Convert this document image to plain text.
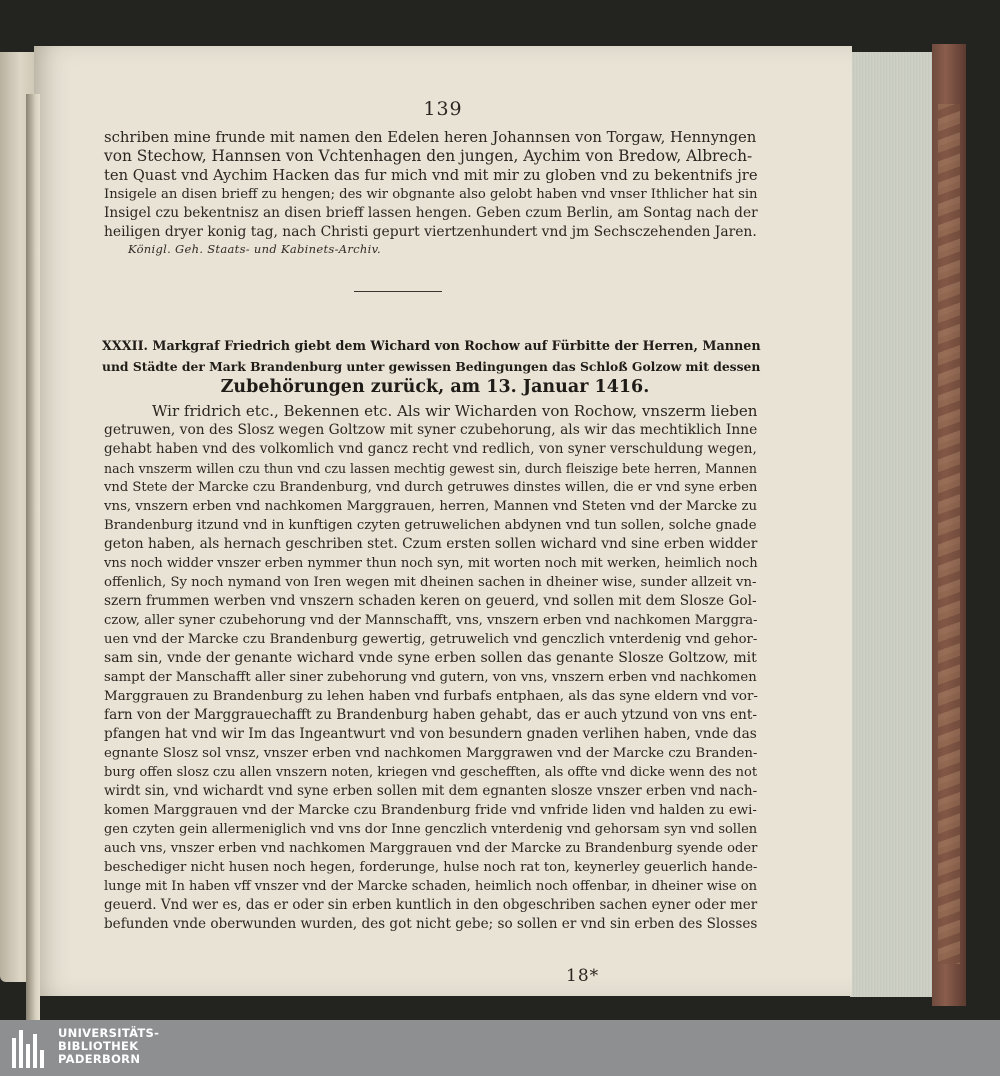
139
schriben mine frunde mit namen den Edelen heren Johannsen von Torgaw, Hennyngen
von Stechow, Hannsen von Vchtenhagen den jungen, Aychim von Bredow, Albrech-
ten Quast vnd Aychim Hacken das fur mich vnd mit mir zu globen vnd zu bekentnifs jre
Insigele an disen brieff zu hengen; des wir obgnante also gelobt haben vnd vnser Ithlicher hat sin
Insigel czu bekentnisz an disen brieff lassen hengen. Geben czum Berlin, am Sontag nach der
heiligen dryer konig tag, nach Christi gepurt viertzenhundert vnd jm Sechsczehenden Jaren.
Königl. Geh. Staats- und Kabinets-Archiv.
XXXII. Markgraf Friedrich giebt dem Wichard von Rochow auf Fürbitte der Herren, Mannen
und Städte der Mark Brandenburg unter gewissen Bedingungen das Schloß Golzow mit dessen
Zubehörungen zurück, am 13. Januar 1416.
Wir fridrich etc., Bekennen etc. Als wir Wicharden von Rochow, vnszerm lieben
getruwen, von des Slosz wegen Goltzow mit syner czubehorung, als wir das mechtiklich Inne
gehabt haben vnd des volkomlich vnd gancz recht vnd redlich, von syner verschuldung wegen,
nach vnszerm willen czu thun vnd czu lassen mechtig gewest sin, durch fleiszige bete herren, Mannen
vnd Stete der Marcke czu Brandenburg, vnd durch getruwes dinstes willen, die er vnd syne erben
vns, vnszern erben vnd nachkomen Marggrauen, herren, Mannen vnd Steten vnd der Marcke zu
Brandenburg itzund vnd in kunftigen czyten getruwelichen abdynen vnd tun sollen, solche gnade
geton haben, als hernach geschriben stet. Czum ersten sollen wichard vnd sine erben widder
vns noch widder vnszer erben nymmer thun noch syn, mit worten noch mit werken, heimlich noch
offenlich, Sy noch nymand von Iren wegen mit dheinen sachen in dheiner wise, sunder allzeit vn-
szern frummen werben vnd vnszern schaden keren on geuerd, vnd sollen mit dem Slosze Gol-
czow, aller syner czubehorung vnd der Mannschafft, vns, vnszern erben vnd nachkomen Marggra-
uen vnd der Marcke czu Brandenburg gewertig, getruwelich vnd genczlich vnterdenig vnd gehor-
sam sin, vnde der genante wichard vnde syne erben sollen das genante Slosze Goltzow, mit
sampt der Manschafft aller siner zubehorung vnd gutern, von vns, vnszern erben vnd nachkomen
Marggrauen zu Brandenburg zu lehen haben vnd furbafs entphaen, als das syne eldern vnd vor-
farn von der Marggrauechafft zu Brandenburg haben gehabt, das er auch ytzund von vns ent-
pfangen hat vnd wir Im das Ingeantwurt vnd von besundern gnaden verlihen haben, vnde das
egnante Slosz sol vnsz, vnszer erben vnd nachkomen Marggrawen vnd der Marcke czu Branden-
burg offen slosz czu allen vnszern noten, kriegen vnd geschefften, als offte vnd dicke wenn des not
wirdt sin, vnd wichardt vnd syne erben sollen mit dem egnanten slosze vnszer erben vnd nach-
komen Marggrauen vnd der Marcke czu Brandenburg fride vnd vnfride liden vnd halden zu ewi-
gen czyten gein allermeniglich vnd vns dor Inne genczlich vnterdenig vnd gehorsam syn vnd sollen
auch vns, vnszer erben vnd nachkomen Marggrauen vnd der Marcke zu Brandenburg syende oder
beschediger nicht husen noch hegen, forderunge, hulse noch rat ton, keynerley geuerlich hande-
lunge mit In haben vff vnszer vnd der Marcke schaden, heimlich noch offenbar, in dheiner wise on
geuerd. Vnd wer es, das er oder sin erben kuntlich in den obgeschriben sachen eyner oder mer
befunden vnde oberwunden wurden, des got nicht gebe; so sollen er vnd sin erben des Slosses
18*
UNIVERSITÄTS-
BIBLIOTHEK
PADERBORN
